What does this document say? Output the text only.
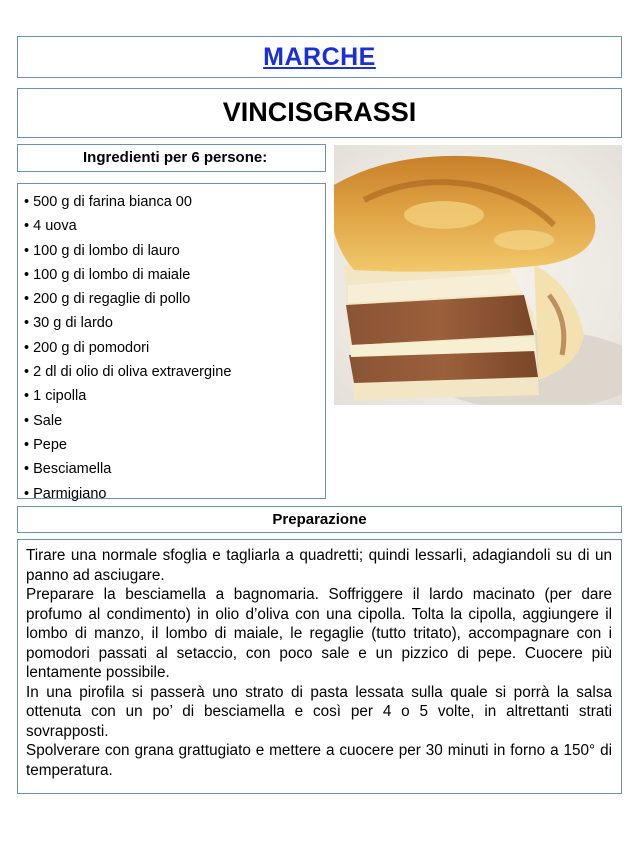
MARCHE
VINCISGRASSI
Ingredienti per 6 persone:
• 500 g di farina bianca 00
• 4 uova
• 100 g di lombo di lauro
• 100 g di lombo di maiale
• 200 g di regaglie di pollo
• 30 g di lardo
• 200 g di pomodori
• 2 dl di olio di oliva extravergine
• 1 cipolla
• Sale
• Pepe
• Besciamella
• Parmigiano
Preparazione

Tirare una normale sfoglia e tagliarla a quadretti; quindi lessarli, adagiandoli su di un panno ad asciugare.

Preparare la besciamella a bagnomaria. Soffriggere il lardo macinato (per dare profumo al condimento) in olio d’oliva con una cipolla. Tolta la cipolla, aggiungere il lombo di manzo, il lombo di maiale, le regaglie (tutto tritato), accompagnare con i pomodori passati al setaccio, con poco sale e un pizzico di pepe. Cuocere più lentamente possibile.

In una pirofila si passerà uno strato di pasta lessata sulla quale si porrà la salsa ottenuta con un po’ di besciamella e così per 4 o 5 volte, in altrettanti strati sovrapposti.

Spolverare con grana grattugiato e mettere a cuocere per 30 minuti in forno a 150° di temperatura.
